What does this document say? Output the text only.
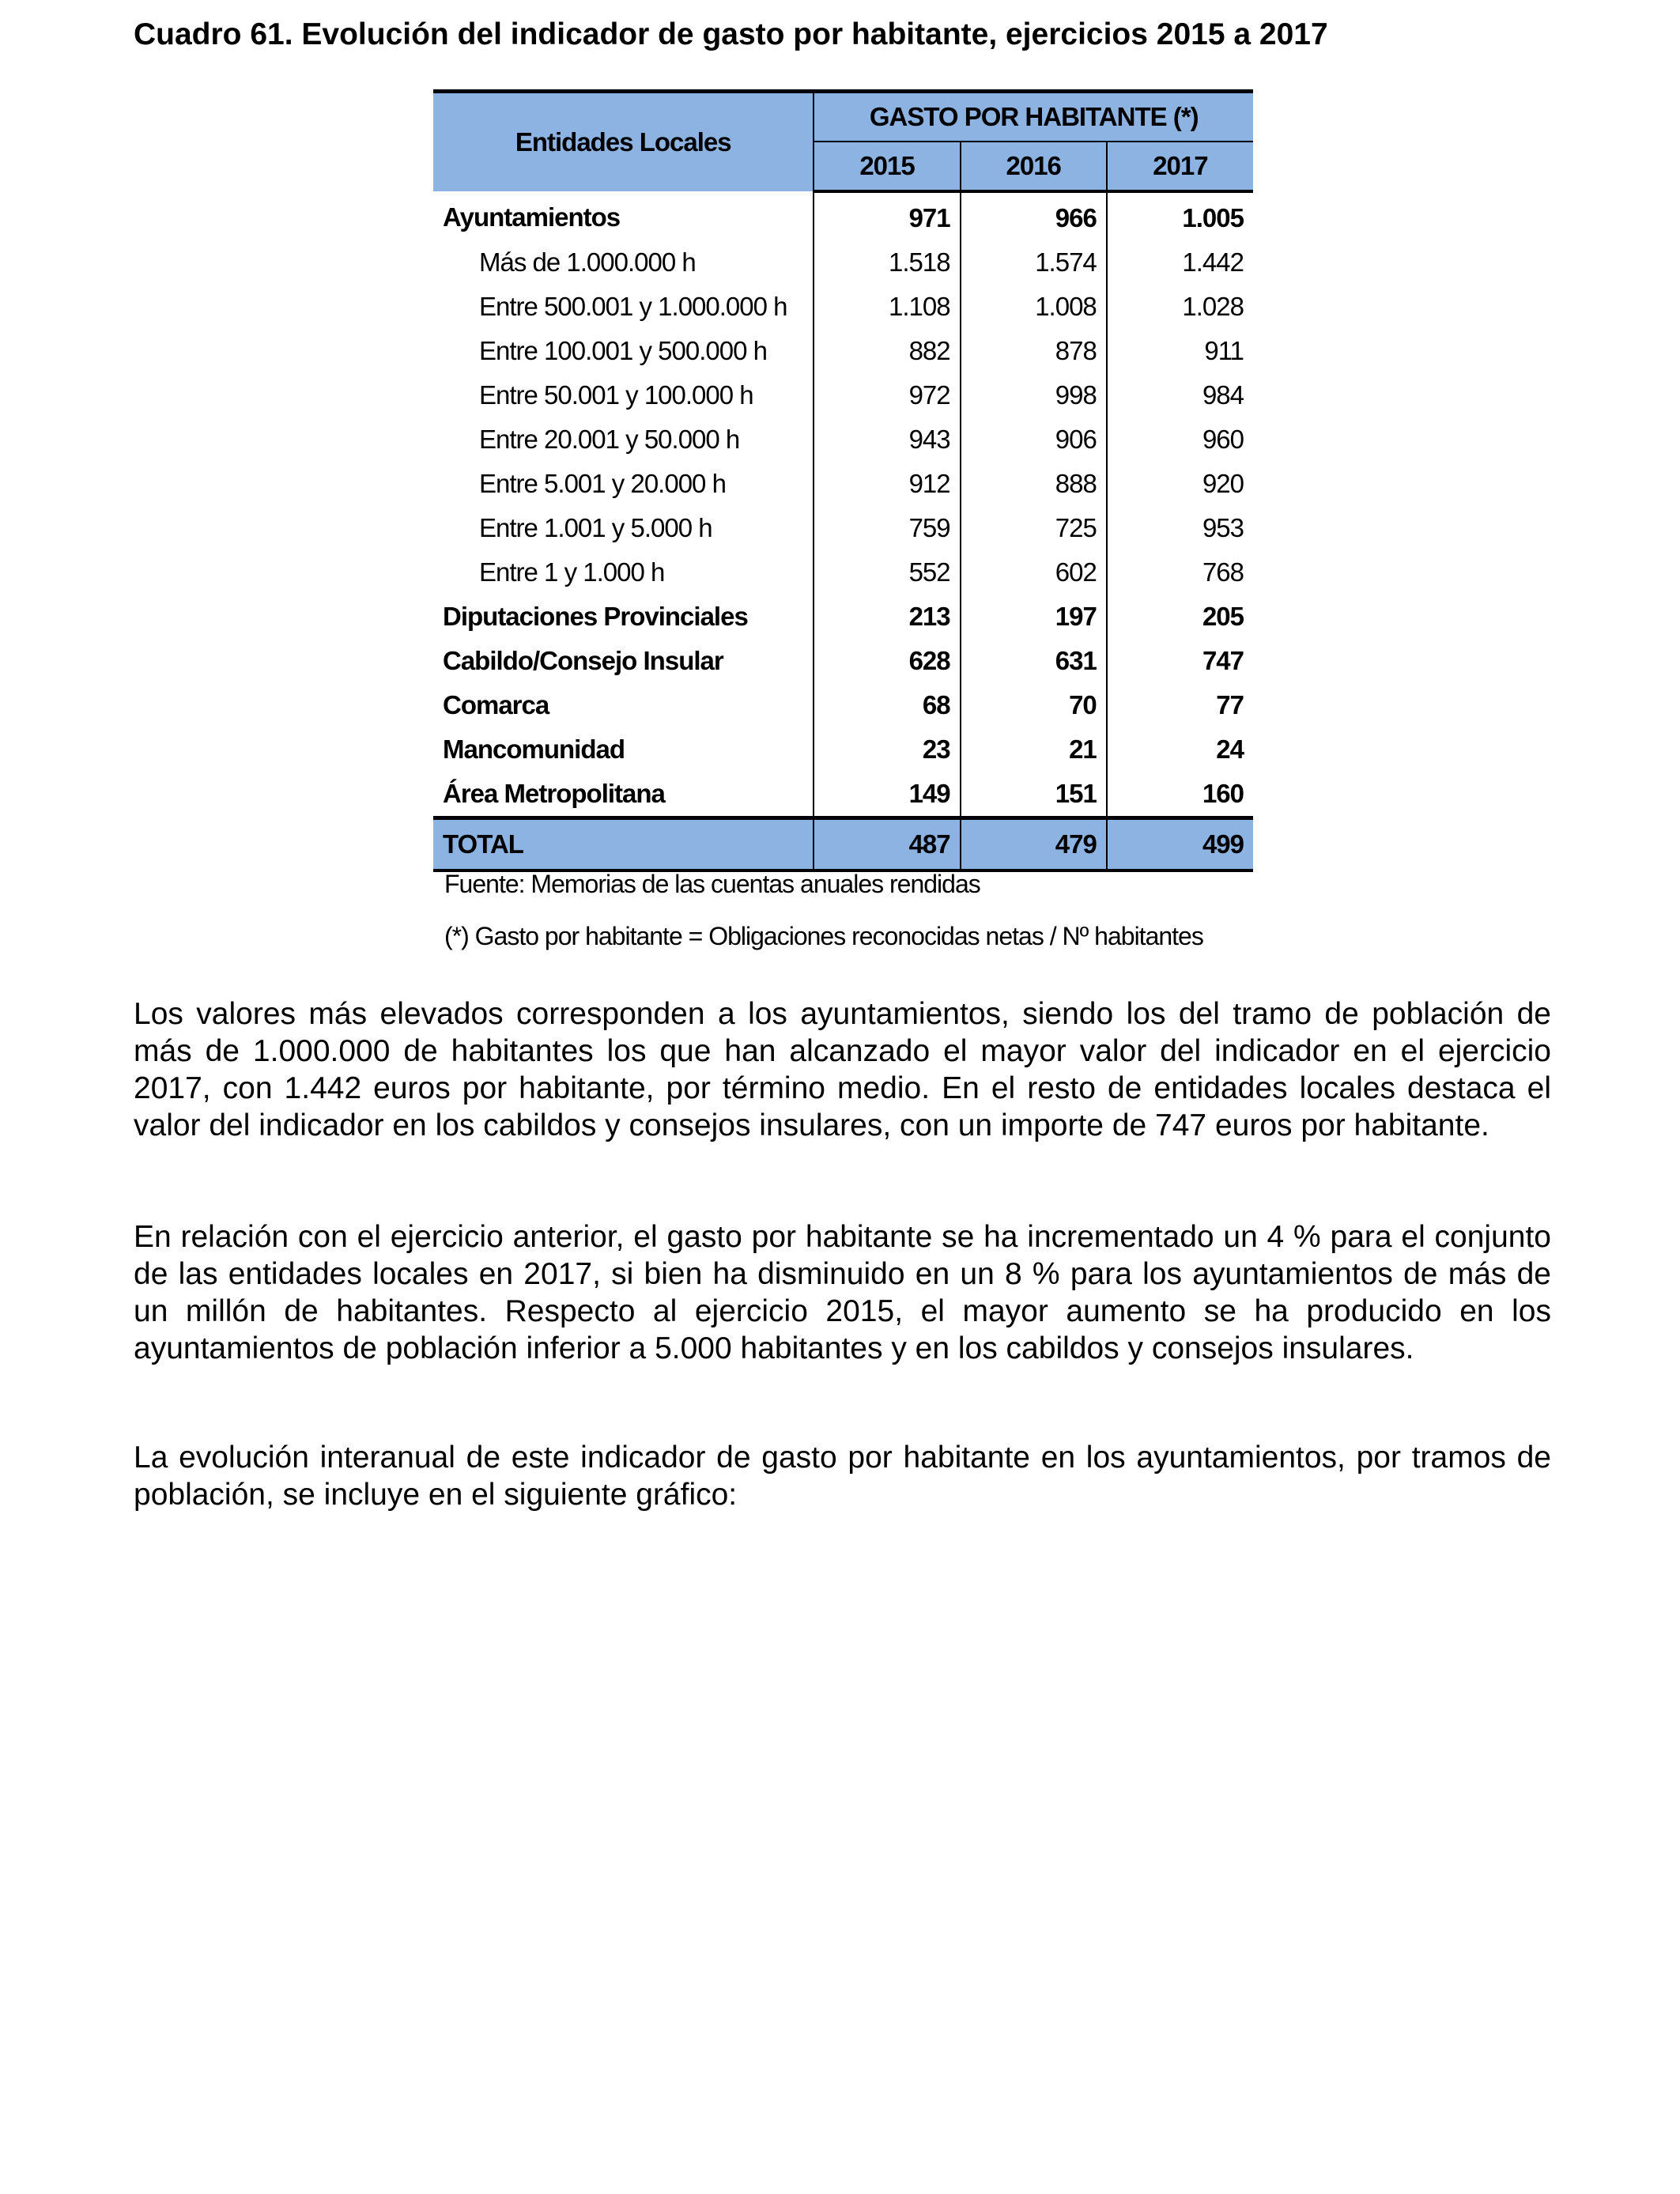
Cuadro 61. Evolución del indicador de gasto por habitante, ejercicios 2015 a 2017

Entidades Locales	GASTO POR HABITANTE (*)		
	2015	2016	2017
Ayuntamientos	971	966	1.005
Más de 1.000.000 h	1.518	1.574	1.442
Entre 500.001 y 1.000.000 h	1.108	1.008	1.028
Entre 100.001 y 500.000 h	882	878	911
Entre 50.001 y 100.000 h	972	998	984
Entre 20.001 y 50.000 h	943	906	960
Entre 5.001 y 20.000 h	912	888	920
Entre 1.001 y 5.000 h	759	725	953
Entre 1 y 1.000 h	552	602	768
Diputaciones Provinciales	213	197	205
Cabildo/Consejo Insular	628	631	747
Comarca	68	70	77
Mancomunidad	23	21	24
Área Metropolitana	149	151	160
TOTAL	487	479	499

Fuente: Memorias de las cuentas anuales rendidas

(*) Gasto por habitante = Obligaciones reconocidas netas / Nº habitantes

Los valores más elevados corresponden a los ayuntamientos, siendo los del tramo de población de más de 1.000.000 de habitantes los que han alcanzado el mayor valor del indicador en el ejercicio 2017, con 1.442 euros por habitante, por término medio. En el resto de entidades locales destaca el valor del indicador en los cabildos y consejos insulares, con un importe de 747 euros por habitante.

En relación con el ejercicio anterior, el gasto por habitante se ha incrementado un 4 % para el conjunto de las entidades locales en 2017, si bien ha disminuido en un 8 % para los ayuntamientos de más de un millón de habitantes. Respecto al ejercicio 2015, el mayor aumento se ha producido en los ayuntamientos de población inferior a 5.000 habitantes y en los cabildos y consejos insulares.

La evolución interanual de este indicador de gasto por habitante en los ayuntamientos, por tramos de población, se incluye en el siguiente gráfico:
